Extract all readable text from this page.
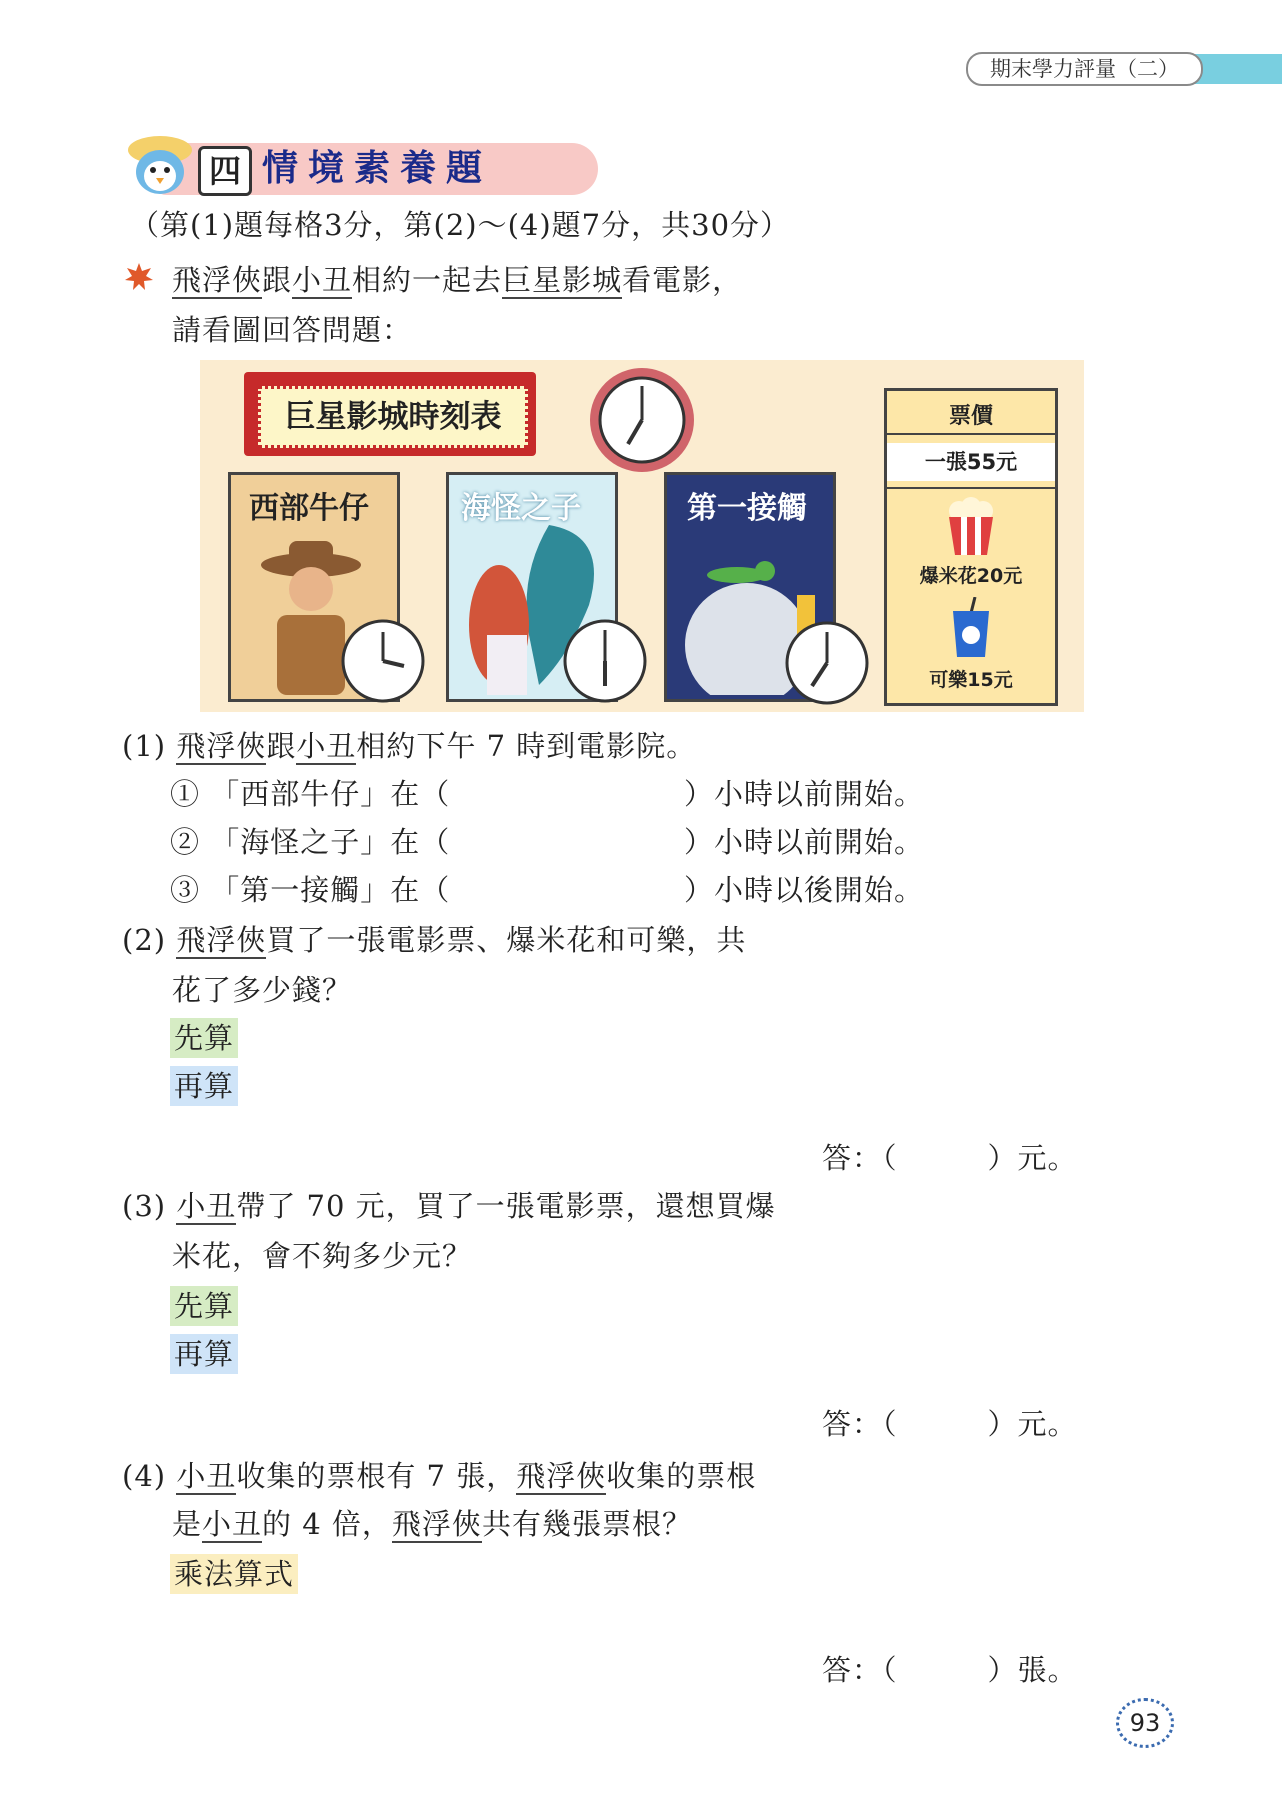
期末學力評量（二）
四 情境素養題
（第(1)題每格3分，第(2)～(4)題7分，共30分）
飛浮俠跟小丑相約一起去巨星影城看電影，
請看圖回答問題：
巨星影城時刻表
西部牛仔	海怪之子	第一接觸
票價
一張55元
爆米花20元
可樂15元
(1) 飛浮俠跟小丑相約下午 7 時到電影院。
① 「西部牛仔」在（	）小時以前開始。
② 「海怪之子」在（	）小時以前開始。
③ 「第一接觸」在（	）小時以後開始。
(2) 飛浮俠買了一張電影票、爆米花和可樂，共
花了多少錢？
先算
再算
答：（　　　）元。
(3) 小丑帶了 70 元，買了一張電影票，還想買爆
米花，會不夠多少元？
先算
再算
答：（　　　）元。
(4) 小丑收集的票根有 7 張，飛浮俠收集的票根
是小丑的 4 倍，飛浮俠共有幾張票根？
乘法算式
答：（　　　）張。
93
